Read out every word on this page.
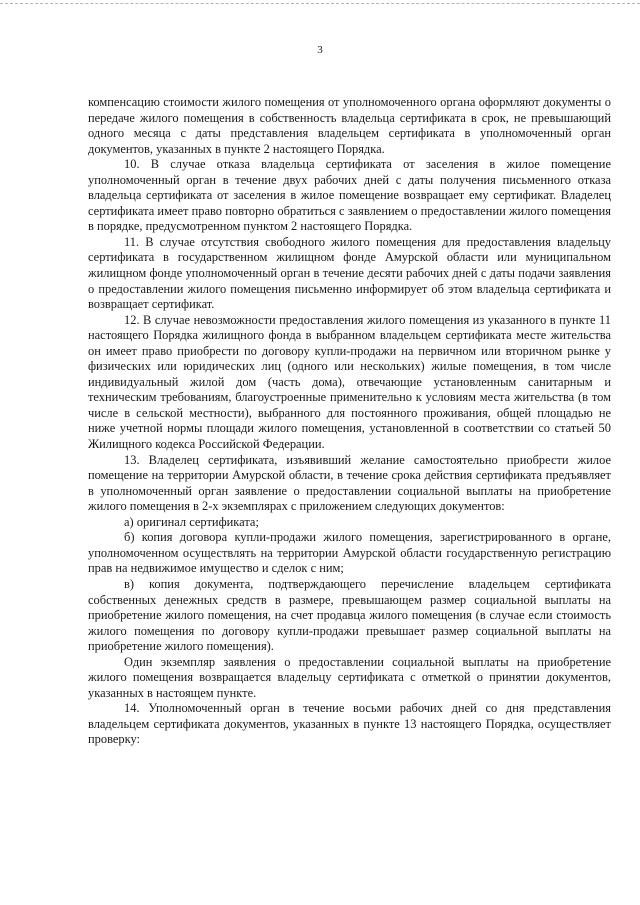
3

компенсацию стоимости жилого помещения от уполномоченного органа оформляют документы о передаче жилого помещения в собственность владельца сертификата в срок, не превышающий одного месяца с даты представления владельцем сертификата в уполномоченный орган документов, указанных в пункте 2 настоящего Порядка.

10. В случае отказа владельца сертификата от заселения в жилое помещение уполномоченный орган в течение двух рабочих дней с даты получения письменного отказа владельца сертификата от заселения в жилое помещение возвращает ему сертификат. Владелец сертификата имеет право повторно обратиться с заявлением о предоставлении жилого помещения в порядке, предусмотренном пунктом 2 настоящего Порядка.

11. В случае отсутствия свободного жилого помещения для предоставления владельцу сертификата в государственном жилищном фонде Амурской области или муниципальном жилищном фонде уполномоченный орган в течение десяти рабочих дней с даты подачи заявления о предоставлении жилого помещения письменно информирует об этом владельца сертификата и возвращает сертификат.

12. В случае невозможности предоставления жилого помещения из указанного в пункте 11 настоящего Порядка жилищного фонда в выбранном владельцем сертификата месте жительства он имеет право приобрести по договору купли-продажи на первичном или вторичном рынке у физических или юридических лиц (одного или нескольких) жилые помещения, в том числе индивидуальный жилой дом (часть дома), отвечающие установленным санитарным и техническим требованиям, благоустроенные применительно к условиям места жительства (в том числе в сельской местности), выбранного для постоянного проживания, общей площадью не ниже учетной нормы площади жилого помещения, установленной в соответствии со статьей 50 Жилищного кодекса Российской Федерации.

13. Владелец сертификата, изъявивший желание самостоятельно приобрести жилое помещение на территории Амурской области, в течение срока действия сертификата предъявляет в уполномоченный орган заявление о предоставлении социальной выплаты на приобретение жилого помещения в 2-х экземплярах с приложением следующих документов:

а) оригинал сертификата;

б) копия договора купли-продажи жилого помещения, зарегистрированного в органе, уполномоченном осуществлять на территории Амурской области государственную регистрацию прав на недвижимое имущество и сделок с ним;

в) копия документа, подтверждающего перечисление владельцем сертификата собственных денежных средств в размере, превышающем размер социальной выплаты на приобретение жилого помещения, на счет продавца жилого помещения (в случае если стоимость жилого помещения по договору купли-продажи превышает размер социальной выплаты на приобретение жилого помещения).

Один экземпляр заявления о предоставлении социальной выплаты на приобретение жилого помещения возвращается владельцу сертификата с отметкой о принятии документов, указанных в настоящем пункте.

14. Уполномоченный орган в течение восьми рабочих дней со дня представления владельцем сертификата документов, указанных в пункте 13 настоящего Порядка, осуществляет проверку:
